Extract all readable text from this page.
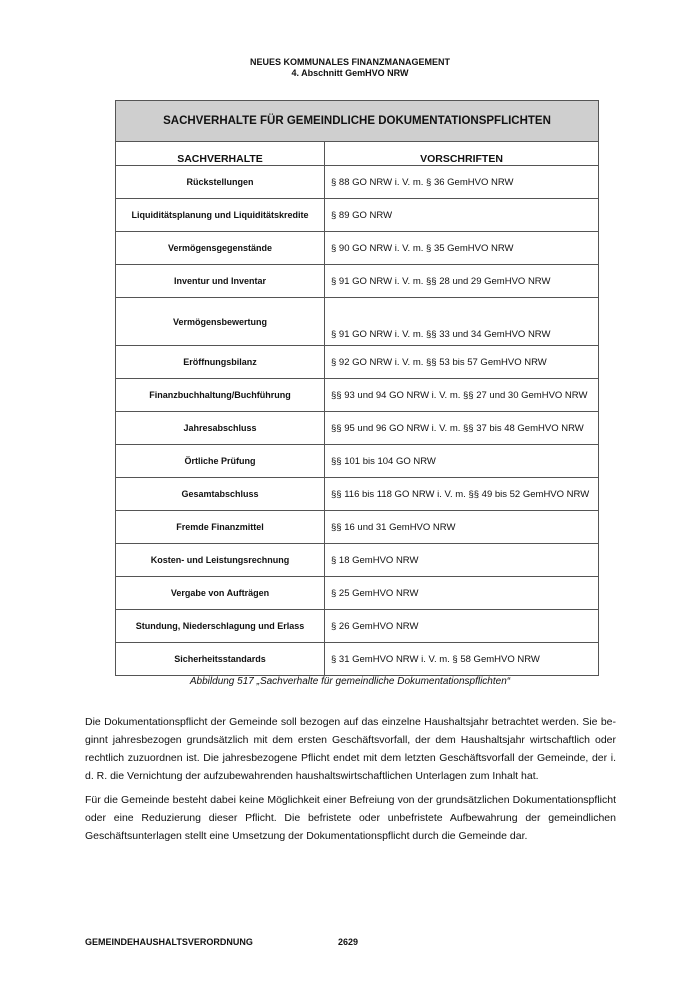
NEUES KOMMUNALES FINANZMANAGEMENT
4. Abschnitt GemHVO NRW
SACHVERHALTE FÜR GEMEINDLICHE DOKUMENTATIONSPFLICHTEN	
SACHVERHALTE	VORSCHRIFTEN
Rückstellungen	§ 88 GO NRW i. V. m. § 36 GemHVO NRW
Liquiditätsplanung und Liquiditätskredite	§ 89 GO NRW
Vermögensgegenstände	§ 90 GO NRW i. V. m. § 35 GemHVO NRW
Inventur und Inventar	§ 91 GO NRW i. V. m. §§ 28 und 29 GemHVO NRW
Vermögensbewertung	§ 91 GO NRW i. V. m. §§ 33 und 34 GemHVO NRW
Eröffnungsbilanz	§ 92 GO NRW i. V. m. §§ 53 bis 57 GemHVO NRW
Finanzbuchhaltung/Buchführung	§§ 93 und 94 GO NRW i. V. m. §§ 27 und 30 GemHVO NRW
Jahresabschluss	§§ 95 und 96 GO NRW i. V. m. §§ 37 bis 48 GemHVO NRW
Örtliche Prüfung	§§ 101 bis 104 GO NRW
Gesamtabschluss	§§ 116 bis 118 GO NRW i. V. m. §§ 49 bis 52 GemHVO NRW
Fremde Finanzmittel	§§ 16 und 31 GemHVO NRW
Kosten- und Leistungsrechnung	§ 18 GemHVO NRW
Vergabe von Aufträgen	§ 25 GemHVO NRW
Stundung, Niederschlagung und Erlass	§ 26 GemHVO NRW
Sicherheitsstandards	§ 31 GemHVO NRW i. V. m. § 58 GemHVO NRW
Abbildung 517 „Sachverhalte für gemeindliche Dokumentationspflichten“

Die Dokumentationspflicht der Gemeinde soll bezogen auf das einzelne Haushaltsjahr betrachtet werden. Sie beginnt jahresbezogen grundsätzlich mit dem ersten Geschäftsvorfall, der dem Haushaltsjahr wirtschaftlich oder rechtlich zuzuordnen ist. Die jahresbezogene Pflicht endet mit dem letzten Geschäftsvorfall der Gemeinde, der i. d. R. die Vernichtung der aufzubewahrenden haushaltswirtschaftlichen Unterlagen zum Inhalt hat.

Für die Gemeinde besteht dabei keine Möglichkeit einer Befreiung von der grundsätzlichen Dokumentationspflicht oder eine Reduzierung dieser Pflicht. Die befristete oder unbefristete Aufbewahrung der gemeindlichen Geschäftsunterlagen stellt eine Umsetzung der Dokumentationspflicht durch die Gemeinde dar.

GEMEINDEHAUSHALTSVERORDNUNG	2629
